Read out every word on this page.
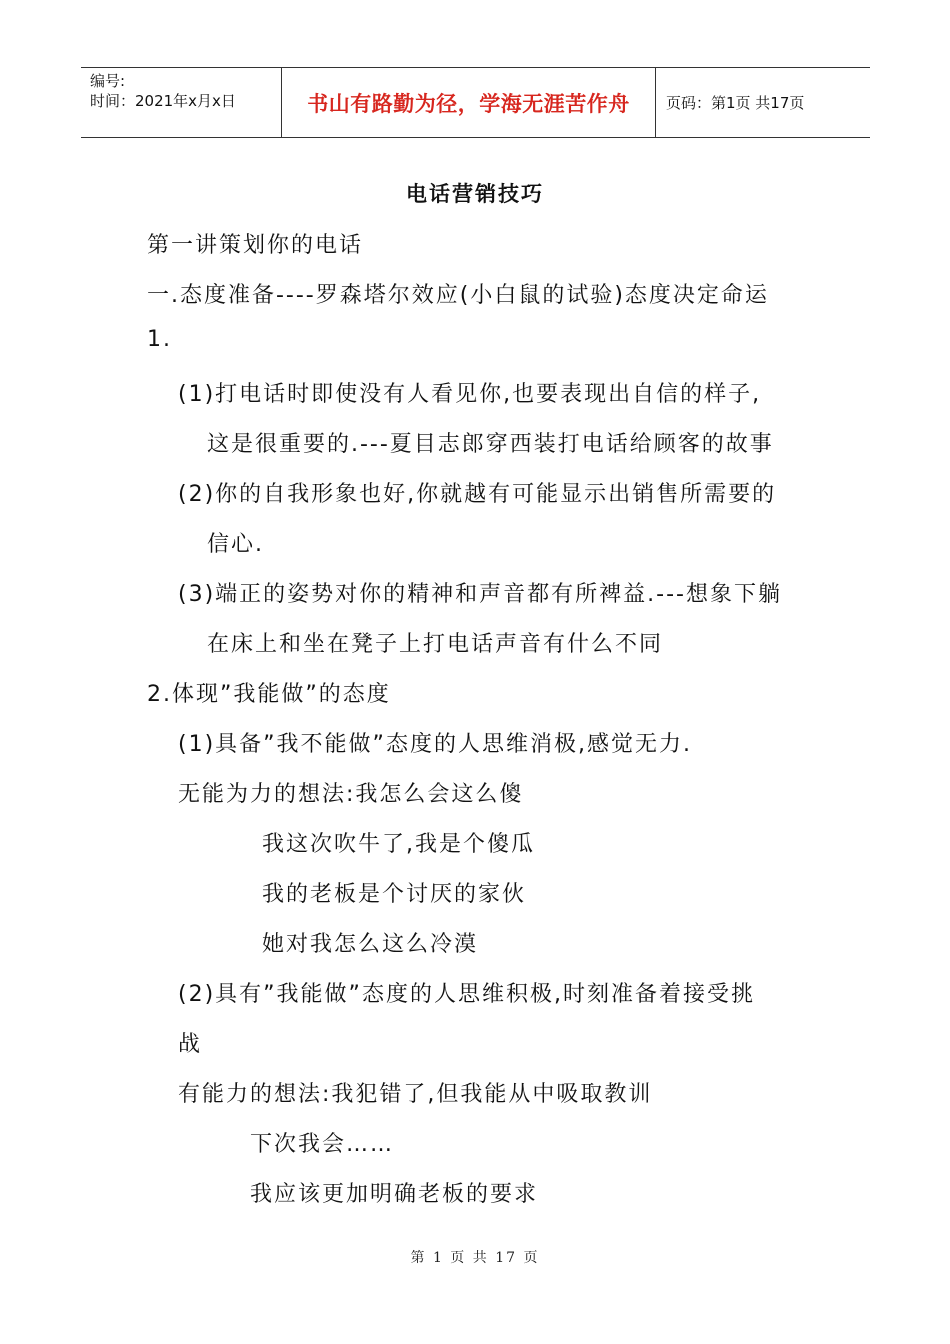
编号:
时间：2021年x月x日	书山有路勤为径，学海无涯苦作舟	页码：第1页 共17页
电话营销技巧
第一讲策划你的电话
一.态度准备----罗森塔尔效应(小白鼠的试验)态度决定命运
1.
(1)打电话时即使没有人看见你,也要表现出自信的样子,
这是很重要的.---夏目志郎穿西装打电话给顾客的故事
(2)你的自我形象也好,你就越有可能显示出销售所需要的
信心.
(3)端正的姿势对你的精神和声音都有所裨益.---想象下躺
在床上和坐在凳子上打电话声音有什么不同
2.体现”我能做”的态度
(1)具备”我不能做”态度的人思维消极,感觉无力.
无能为力的想法:我怎么会这么傻
我这次吹牛了,我是个傻瓜
我的老板是个讨厌的家伙
她对我怎么这么冷漠
(2)具有”我能做”态度的人思维积极,时刻准备着接受挑
战
有能力的想法:我犯错了,但我能从中吸取教训
下次我会……
我应该更加明确老板的要求
第 1 页 共 17 页
